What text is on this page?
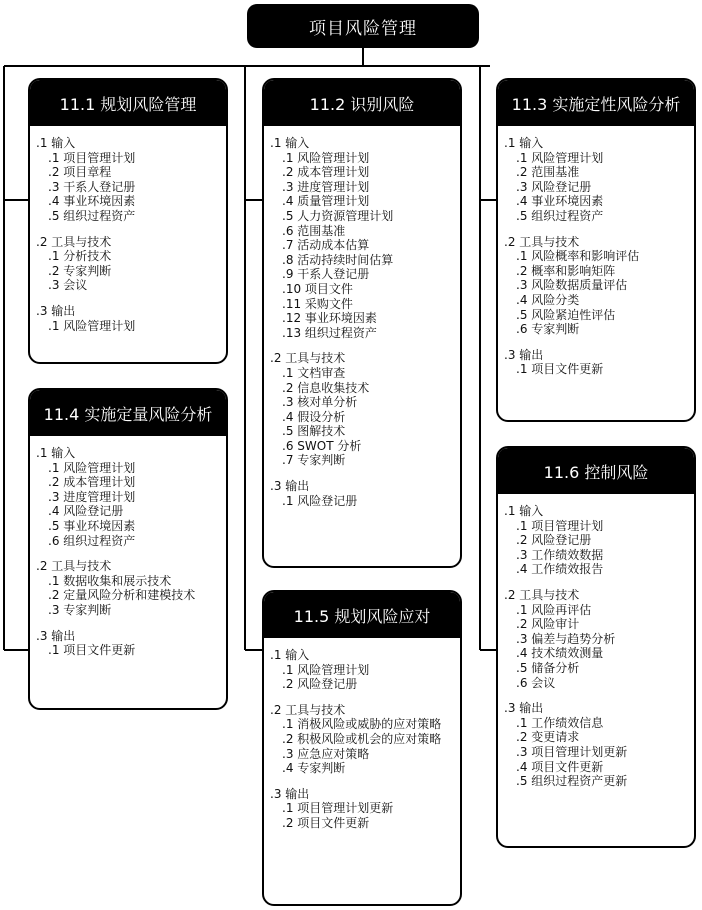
项目风险管理
11.1 规划风险管理
.1 输入
.1 项目管理计划
.2 项目章程
.3 干系人登记册
.4 事业环境因素
.5 组织过程资产
.2 工具与技术
.1 分析技术
.2 专家判断
.3 会议
.3 输出
.1 风险管理计划
11.2 识别风险
.1 输入
.1 风险管理计划
.2 成本管理计划
.3 进度管理计划
.4 质量管理计划
.5 人力资源管理计划
.6 范围基准
.7 活动成本估算
.8 活动持续时间估算
.9 干系人登记册
.10 项目文件
.11 采购文件
.12 事业环境因素
.13 组织过程资产
.2 工具与技术
.1 文档审查
.2 信息收集技术
.3 核对单分析
.4 假设分析
.5 图解技术
.6 SWOT 分析
.7 专家判断
.3 输出
.1 风险登记册
11.3 实施定性风险分析
.1 输入
.1 风险管理计划
.2 范围基准
.3 风险登记册
.4 事业环境因素
.5 组织过程资产
.2 工具与技术
.1 风险概率和影响评估
.2 概率和影响矩阵
.3 风险数据质量评估
.4 风险分类
.5 风险紧迫性评估
.6 专家判断
.3 输出
.1 项目文件更新
11.4 实施定量风险分析
.1 输入
.1 风险管理计划
.2 成本管理计划
.3 进度管理计划
.4 风险登记册
.5 事业环境因素
.6 组织过程资产
.2 工具与技术
.1 数据收集和展示技术
.2 定量风险分析和建模技术
.3 专家判断
.3 输出
.1 项目文件更新
11.5 规划风险应对
.1 输入
.1 风险管理计划
.2 风险登记册
.2 工具与技术
.1 消极风险或威胁的应对策略
.2 积极风险或机会的应对策略
.3 应急应对策略
.4 专家判断
.3 输出
.1 项目管理计划更新
.2 项目文件更新
11.6 控制风险
.1 输入
.1 项目管理计划
.2 风险登记册
.3 工作绩效数据
.4 工作绩效报告
.2 工具与技术
.1 风险再评估
.2 风险审计
.3 偏差与趋势分析
.4 技术绩效测量
.5 储备分析
.6 会议
.3 输出
.1 工作绩效信息
.2 变更请求
.3 项目管理计划更新
.4 项目文件更新
.5 组织过程资产更新
